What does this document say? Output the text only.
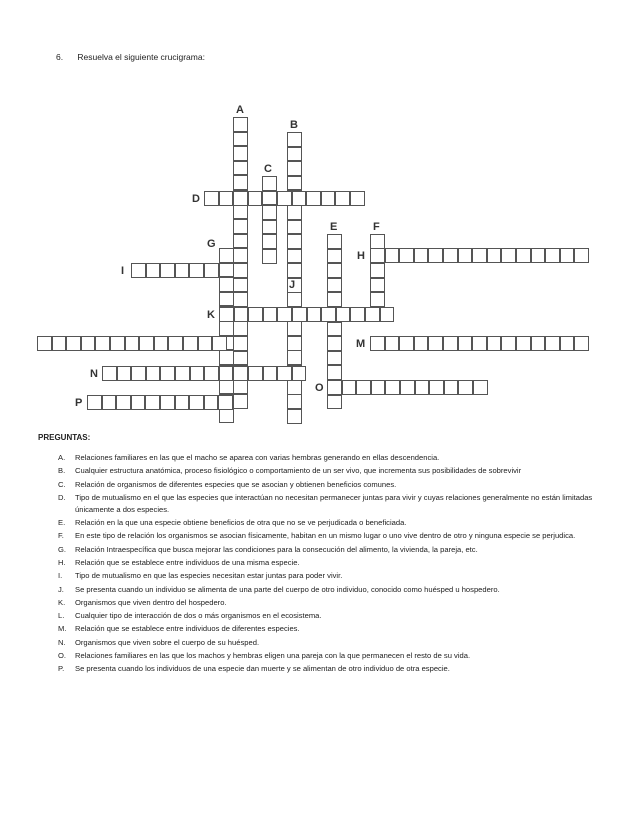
6. Resuelva el siguiente crucigrama:
A
B
C
D
E	F
G
H
I
J
K
M
N
O
P
PREGUNTAS:
A.	Relaciones familiares en las que el macho se aparea con varias hembras generando en ellas descendencia.
B.	Cualquier estructura anatómica, proceso fisiológico o comportamiento de un ser vivo, que incrementa sus posibilidades de sobrevivir
C.	Relación de organismos de diferentes especies que se asocian y obtienen beneficios comunes.
D.	Tipo de mutualismo en el que las especies que interactúan no necesitan permanecer juntas para vivir y cuyas relaciones generalmente no están limitadas únicamente a dos especies.
E.	Relación en la que una especie obtiene beneficios de otra que no se ve perjudicada o beneficiada.
F.	En este tipo de relación los organismos se asocian físicamente, habitan en un mismo lugar o uno vive dentro de otro y ninguna especie se perjudica.
G.	Relación Intraespecífica que busca mejorar las condiciones para la consecución del alimento, la vivienda, la pareja, etc.
H.	Relación que se establece entre individuos de una misma especie.
I.	Tipo de mutualismo en que las especies necesitan estar juntas para poder vivir.
J.	Se presenta cuando un individuo se alimenta de una parte del cuerpo de otro individuo, conocido como huésped u hospedero.
K.	Organismos que viven dentro del hospedero.
L.	Cualquier tipo de interacción de dos o más organismos en el ecosistema.
M.	Relación que se establece entre individuos de diferentes especies.
N.	Organismos que viven sobre el cuerpo de su huésped.
O.	Relaciones familiares en las que los machos y hembras eligen una pareja con la que permanecen el resto de su vida.
P.	Se presenta cuando los individuos de una especie dan muerte y se alimentan de otro individuo de otra especie.
